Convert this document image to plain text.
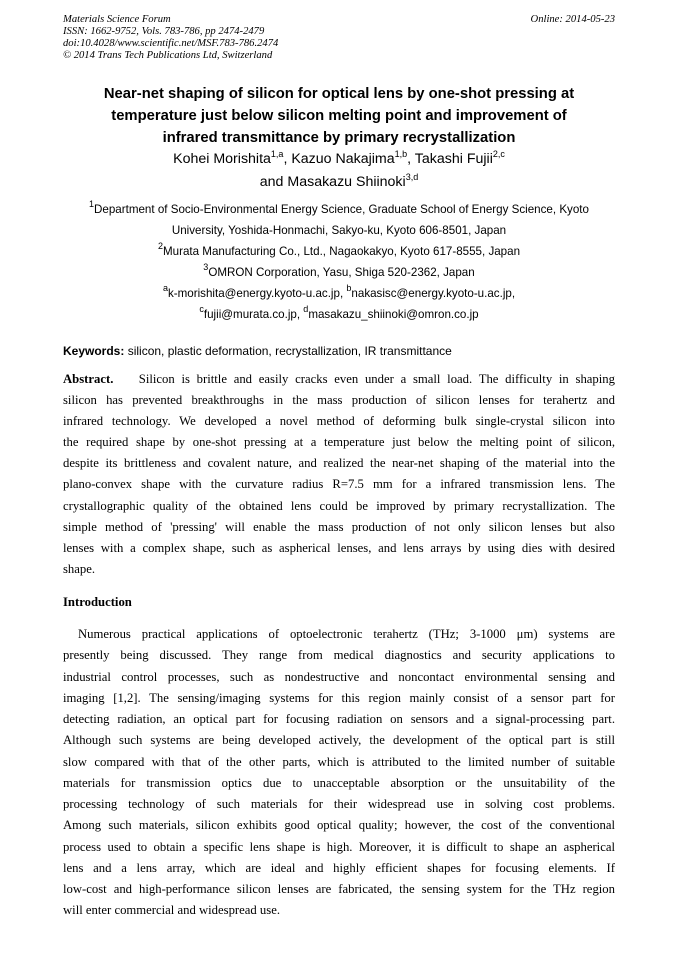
Materials Science Forum	Online: 2014-05-23
ISSN: 1662-9752, Vols. 783-786, pp 2474-2479
doi:10.4028/www.scientific.net/MSF.783-786.2474
© 2014 Trans Tech Publications Ltd, Switzerland
Near-net shaping of silicon for optical lens by one-shot pressing at
temperature just below silicon melting point and improvement of
infrared transmittance by primary recrystallization
Kohei Morishita$^{1,a}$, Kazuo Nakajima$^{1,b}$, Takashi Fujii$^{2,c}$
and Masakazu Shiinoki$^{3,d}$
$^1$Department of Socio-Environmental Energy Science, Graduate School of Energy Science, Kyoto
University, Yoshida-Honmachi, Sakyo-ku, Kyoto 606-8501, Japan
$^2$Murata Manufacturing Co., Ltd., Nagaokakyo, Kyoto 617-8555, Japan
$^3$OMRON Corporation, Yasu, Shiga 520-2362, Japan
$^a$k-morishita@energy.kyoto-u.ac.jp, $^b$nakasisc@energy.kyoto-u.ac.jp,
$^c$fujii@murata.co.jp, $^d$masakazu_shiinoki@omron.co.jp
Keywords: silicon, plastic deformation, recrystallization, IR transmittance
Abstract.   Silicon is brittle and easily cracks even under a small load. The difficulty in shaping
silicon has prevented breakthroughs in the mass production of silicon lenses for terahertz and
infrared technology. We developed a novel method of deforming bulk single-crystal silicon into
the required shape by one-shot pressing at a temperature just below the melting point of silicon,
despite its brittleness and covalent nature, and realized the near-net shaping of the material into the
plano-convex shape with the curvature radius R=7.5 mm for a infrared transmission lens. The
crystallographic quality of the obtained lens could be improved by primary recrystallization. The
simple method of 'pressing' will enable the mass production of not only silicon lenses but also
lenses with a complex shape, such as aspherical lenses, and lens arrays by using dies with desired
shape.
Introduction
Numerous practical applications of optoelectronic terahertz (THz; 3-1000 μm) systems are
presently being discussed. They range from medical diagnostics and security applications to
industrial control processes, such as nondestructive and noncontact environmental sensing and
imaging [1,2]. The sensing/imaging systems for this region mainly consist of a sensor part for
detecting radiation, an optical part for focusing radiation on sensors and a signal-processing part.
Although such systems are being developed actively, the development of the optical part is still
slow compared with that of the other parts, which is attributed to the limited number of suitable
materials for transmission optics due to unacceptable absorption or the unsuitability of the
processing technology of such materials for their widespread use in solving cost problems.
Among such materials, silicon exhibits good optical quality; however, the cost of the conventional
process used to obtain a specific lens shape is high. Moreover, it is difficult to shape an aspherical
lens and a lens array, which are ideal and highly efficient shapes for focusing elements. If
low-cost and high-performance silicon lenses are fabricated, the sensing system for the THz region
will enter commercial and widespread use.
